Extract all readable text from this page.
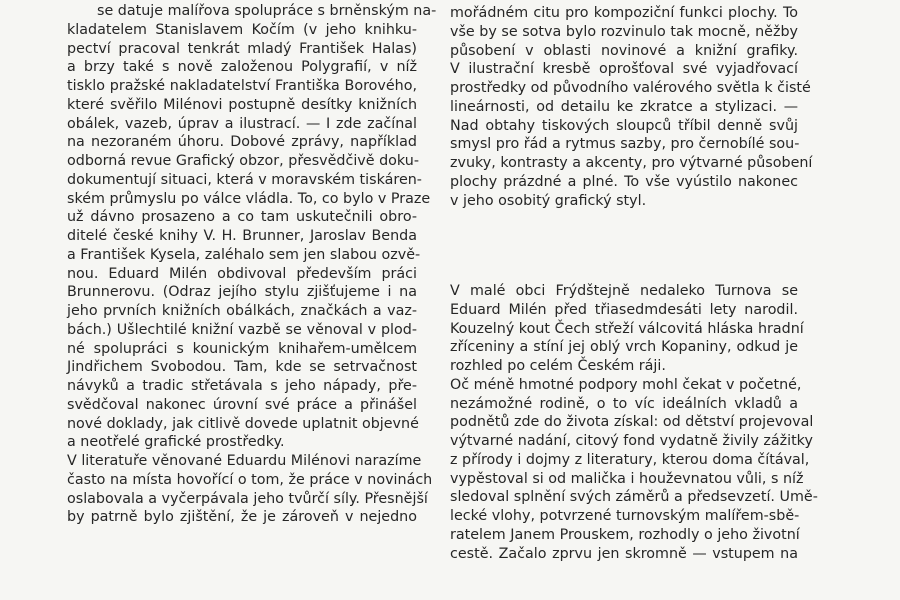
se datuje malířova spolupráce s brněnským na-
kladatelem Stanislavem Kočím (v jeho knihku-
pectví pracoval tenkrát mladý František Halas)
a brzy také s nově založenou Polygrafií, v níž
tisklo pražské nakladatelství Františka Borového,
které svěřilo Milénovi postupně desítky knižních
obálek, vazeb, úprav a ilustrací. — I zde začínal
na nezoraném úhoru. Dobové zprávy, například
odborná revue Grafický obzor, přesvědčivě doku-
dokumentují situaci, která v moravském tiskáren-
ském průmyslu po válce vládla. To, co bylo v Praze
už dávno prosazeno a co tam uskutečnili obro-
ditelé české knihy V. H. Brunner, Jaroslav Benda
a František Kysela, zaléhalo sem jen slabou ozvě-
nou. Eduard Milén obdivoval především práci
Brunnerovu. (Odraz jejího stylu zjišťujeme i na
jeho prvních knižních obálkách, značkách a vaz-
bách.) Ušlechtilé knižní vazbě se věnoval v plod-
né spolupráci s kounickým knihařem-umělcem
Jindřichem Svobodou. Tam, kde se setrvačnost
návyků a tradic střetávala s jeho nápady, pře-
svědčoval nakonec úrovní své práce a přinášel
nové doklady, jak citlivě dovede uplatnit objevné
a neotřelé grafické prostředky.
V literatuře věnované Eduardu Milénovi narazíme
často na místa hovořící o tom, že práce v novinách
oslabovala a vyčerpávala jeho tvůrčí síly. Přesnější
by patrně bylo zjištění, že je zároveň v nejedno
mořádném citu pro kompoziční funkci plochy. To
vše by se sotva bylo rozvinulo tak mocně, něžby
působení v oblasti novinové a knižní grafiky.
V ilustrační kresbě oprošťoval své vyjadřovací
prostředky od původního valérového světla k čisté
lineárnosti, od detailu ke zkratce a stylizaci. —
Nad obtahy tiskových sloupců tříbil denně svůj
smysl pro řád a rytmus sazby, pro černobílé sou-
zvuky, kontrasty a akcenty, pro výtvarné působení
plochy prázdné a plné. To vše vyústilo nakonec
v jeho osobitý grafický styl.
V malé obci Frýdštejně nedaleko Turnova se
Eduard Milén před třiasedmdesáti lety narodil.
Kouzelný kout Čech střeží válcovitá hláska hradní
zříceniny a stíní jej oblý vrch Kopaniny, odkud je
rozhled po celém Českém ráji.
Oč méně hmotné podpory mohl čekat v početné,
nezámožné rodině, o to víc ideálních vkladů a
podnětů zde do života získal: od dětství projevoval
výtvarné nadání, citový fond vydatně živily zážitky
z přírody i dojmy z literatury, kterou doma čítával,
vypěstoval si od malička i houževnatou vůli, s níž
sledoval splnění svých záměrů a předsevzetí. Umě-
lecké vlohy, potvrzené turnovským malířem-sbě-
ratelem Janem Prouskem, rozhodly o jeho životní
cestě. Začalo zprvu jen skromně — vstupem na
